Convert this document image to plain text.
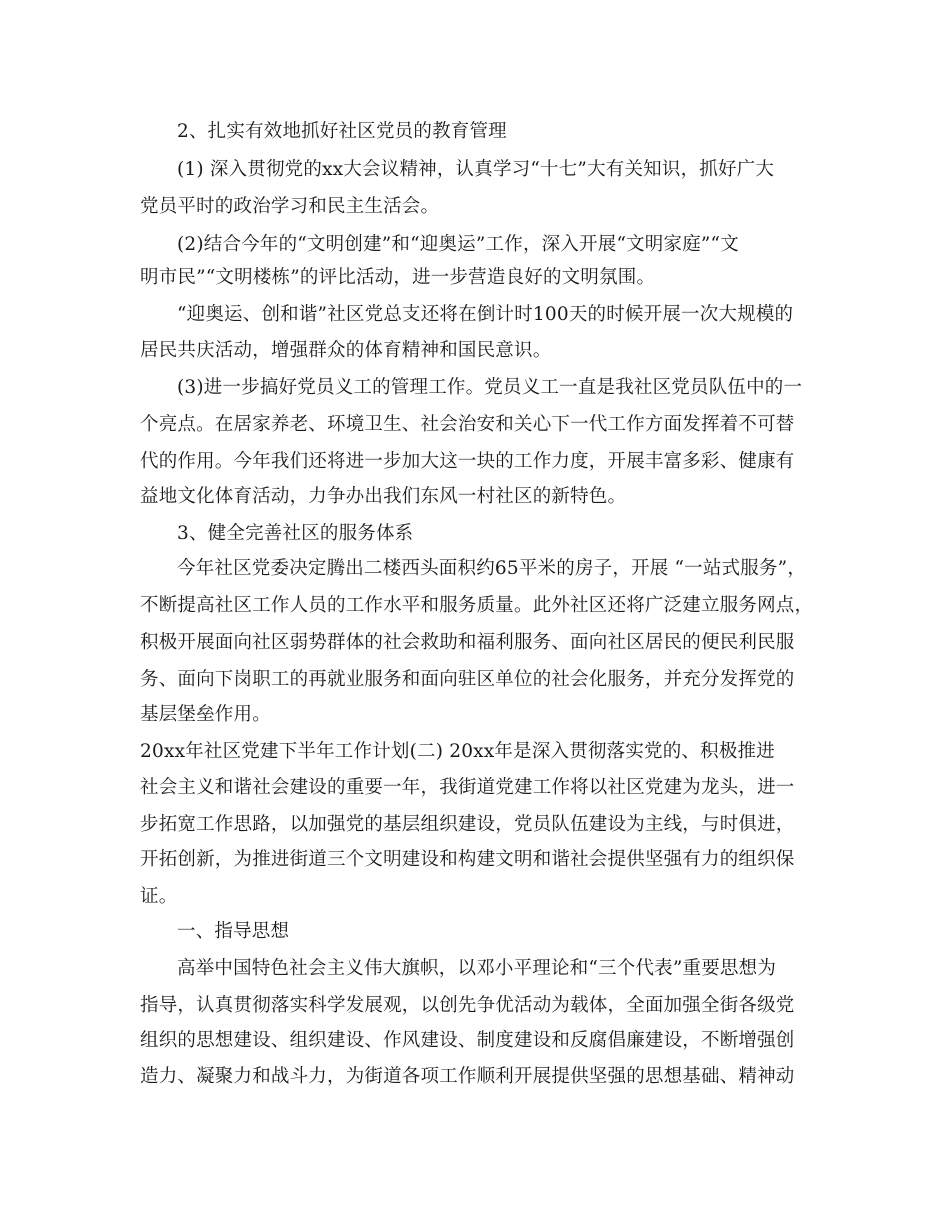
2、扎实有效地抓好社区党员的教育管理

(1) 深入贯彻党的xx大会议精神，认真学习“十七”大有关知识，抓好广大

党员平时的政治学习和民主生活会。

(2)结合今年的“文明创建”和“迎奥运”工作，深入开展“文明家庭”“文

明市民”“文明楼栋”的评比活动，进一步营造良好的文明氛围。

“迎奥运、创和谐”社区党总支还将在倒计时100天的时候开展一次大规模的

居民共庆活动，增强群众的体育精神和国民意识。

(3)进一步搞好党员义工的管理工作。党员义工一直是我社区党员队伍中的一

个亮点。在居家养老、环境卫生、社会治安和关心下一代工作方面发挥着不可替

代的作用。今年我们还将进一步加大这一块的工作力度，开展丰富多彩、健康有

益地文化体育活动，力争办出我们东风一村社区的新特色。

3、健全完善社区的服务体系

今年社区党委决定腾出二楼西头面积约65平米的房子，开展 “一站式服务”，

不断提高社区工作人员的工作水平和服务质量。此外社区还将广泛建立服务网点，

积极开展面向社区弱势群体的社会救助和福利服务、面向社区居民的便民利民服

务、面向下岗职工的再就业服务和面向驻区单位的社会化服务，并充分发挥党的

基层堡垒作用。

20xx年社区党建下半年工作计划(二) 20xx年是深入贯彻落实党的、积极推进

社会主义和谐社会建设的重要一年，我街道党建工作将以社区党建为龙头，进一

步拓宽工作思路，以加强党的基层组织建设，党员队伍建设为主线，与时俱进，

开拓创新，为推进街道三个文明建设和构建文明和谐社会提供坚强有力的组织保

证。

一、指导思想

高举中国特色社会主义伟大旗帜，以邓小平理论和“三个代表”重要思想为

指导，认真贯彻落实科学发展观，以创先争优活动为载体，全面加强全街各级党

组织的思想建设、组织建设、作风建设、制度建设和反腐倡廉建设，不断增强创

造力、凝聚力和战斗力，为街道各项工作顺利开展提供坚强的思想基础、精神动
